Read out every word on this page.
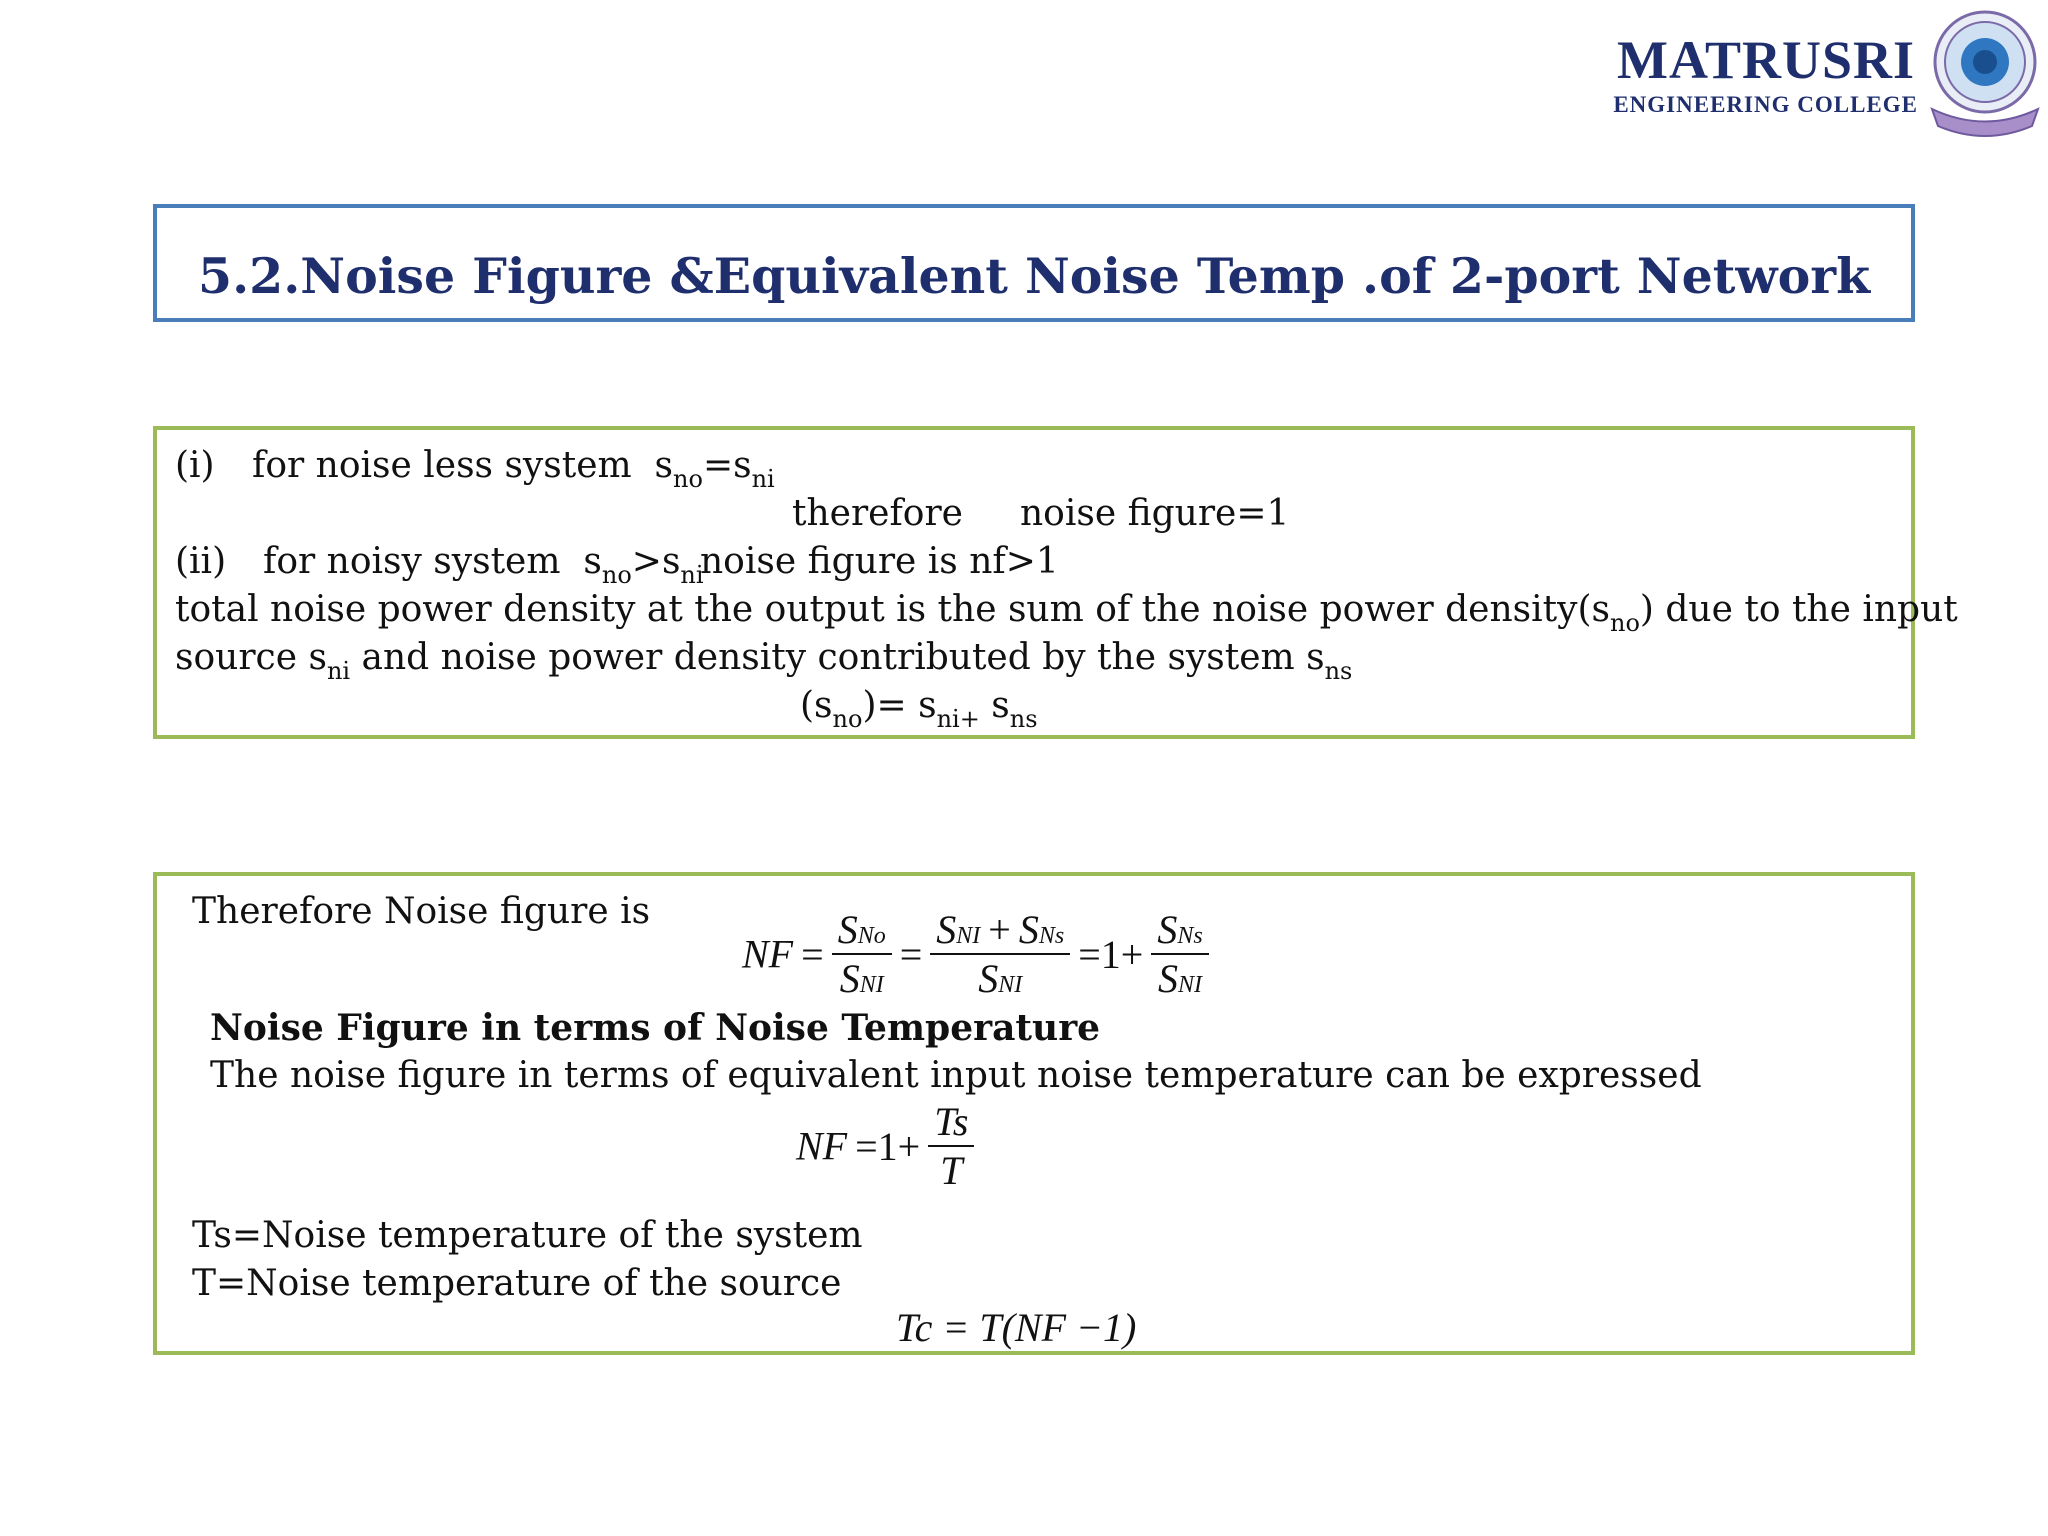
MATRUSRI
ENGINEERING COLLEGE
5.2.Noise Figure &Equivalent Noise Temp .of 2-port Network
(i) for noise less system $s_{no}=s_{ni}$
therefore noise figure=1
(ii) for noisy system $s_{no}>s_{ni}$
noise figure is nf>1
total noise power density at the output is the sum of the noise power $density(s_{no})$ due to the input
source $s_{ni}$ and noise power density contributed by the system $s_{ns}$
$(s_{no})= s_{ni+}$ $s_{ns}$
Therefore Noise figure is
NF = $\frac{\text{SNo}}{\text{SNI}} = \frac{\text{SNI + SNs}}{\text{SNI}} =1+ \frac{\text{SNs}}{\text{SNI}}$
Noise Figure in terms of Noise Temperature
The noise figure in terms of equivalent input noise temperature can be expressed
NF $=1+ \frac{Ts}{T}$
Ts=Noise temperature of the system
T=Noise temperature of the source
Tc = T(NF −1)
